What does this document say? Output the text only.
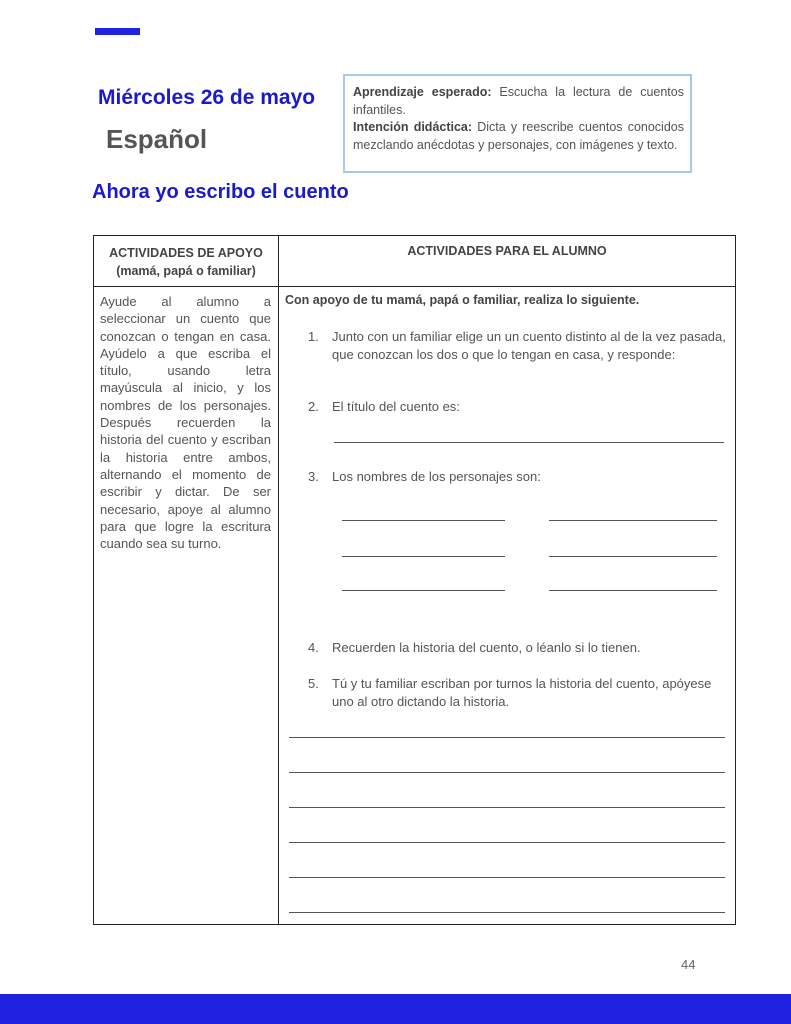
Miércoles 26 de mayo
Español
Aprendizaje esperado: Escucha la lectura de cuentos infantiles.
Intención didáctica: Dicta y reescribe cuentos conocidos mezclando anécdotas y personajes, con imágenes y texto.
Ahora yo escribo el cuento
ACTIVIDADES DE APOYO
(mamá, papá o familiar)
ACTIVIDADES PARA EL ALUMNO
Ayude al alumno a seleccionar un cuento que conozcan o tengan en casa. Ayúdelo a que escriba el título, usando letra mayúscula al inicio, y los nombres de los personajes. Después recuerden la historia del cuento y escriban la historia entre ambos, alternando el momento de escribir y dictar. De ser necesario, apoye al alumno para que logre la escritura cuando sea su turno.
Con apoyo de tu mamá, papá o familiar, realiza lo siguiente.
1. Junto con un familiar elige un un cuento distinto al de la vez pasada, que conozcan los dos o que lo tengan en casa, y responde:
2. El título del cuento es:
3. Los nombres de los personajes son:
4. Recuerden la historia del cuento, o léanlo si lo tienen.
5. Tú y tu familiar escriban por turnos la historia del cuento, apóyese uno al otro dictando la historia.
44
